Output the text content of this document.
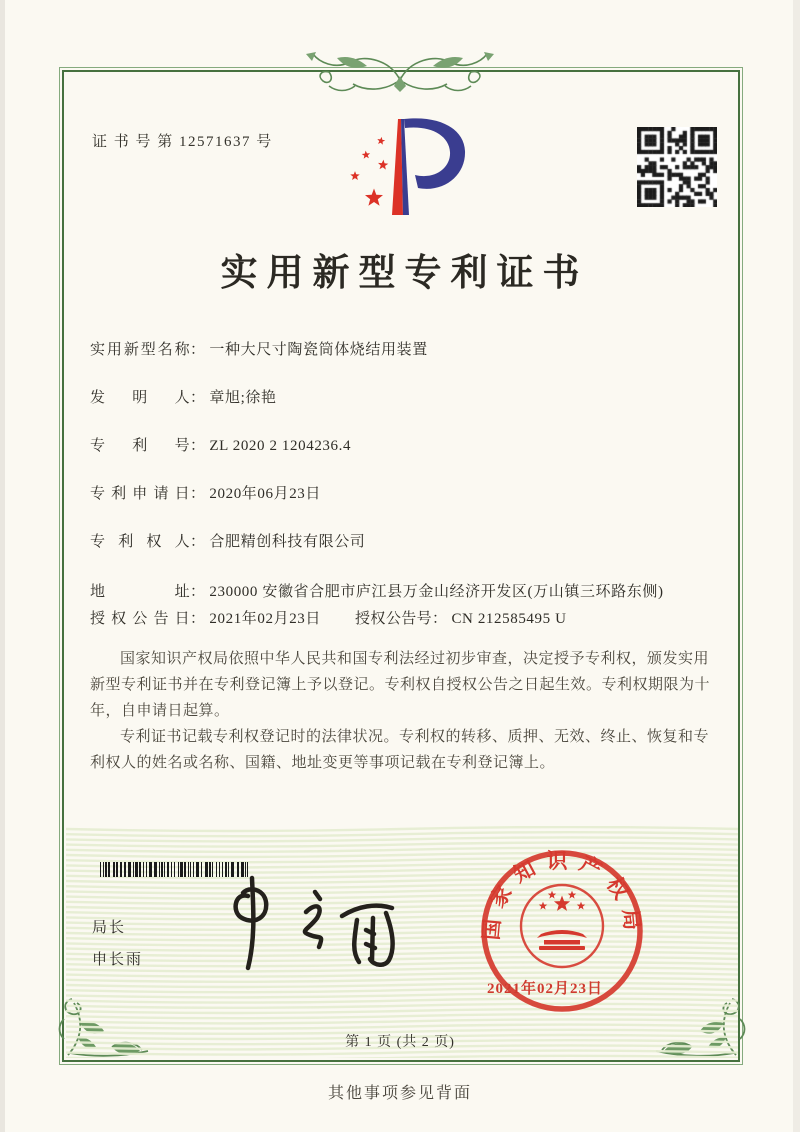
证 书 号 第 12571637 号
实用新型专利证书
实用新型名称 ： 一种大尺寸陶瓷筒体烧结用装置
发明人 ： 章旭;徐艳
专利号 ： ZL 2020 2 1204236.4
专利申请日 ： 2020年06月23日
专利权人 ： 合肥精创科技有限公司
地址 ： 230000 安徽省合肥市庐江县万金山经济开发区(万山镇三环路东侧)
授权公告日 ： 2021年02月23日 授权公告号 ： CN 212585495 U

国家知识产权局依照中华人民共和国专利法经过初步审查，决定授予专利权，颁发实用新型专利证书并在专利登记簿上予以登记。专利权自授权公告之日起生效。专利权期限为十年，自申请日起算。

专利证书记载专利权登记时的法律状况。专利权的转移、质押、无效、终止、恢复和专利权人的姓名或名称、国籍、地址变更等事项记载在专利登记簿上。

局长
申长雨
国家知识产权局
2021年02月23日
第 1 页 (共 2 页)
其他事项参见背面
